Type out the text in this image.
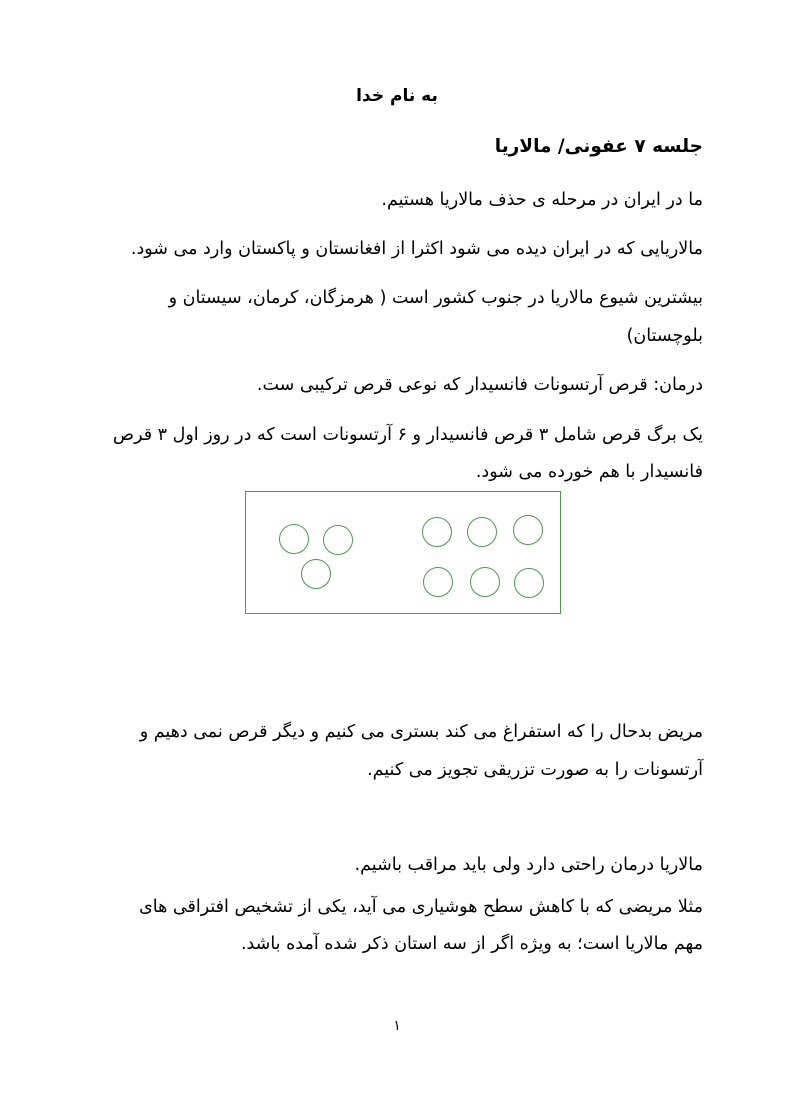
به نام خدا
جلسه ۷ عفونی/ مالاریا
ما در ایران در مرحله ی حذف مالاریا هستیم.
مالاریایی که در ایران دیده می شود اکثرا از افغانستان و پاکستان وارد می شود.
بیشترین شیوع مالاریا در جنوب کشور است ( هرمزگان، کرمان، سیستان و
بلوچستان)
درمان: قرص آرتسونات فانسیدار که نوعی قرص ترکیبی ست.
یک برگ قرص شامل ۳ قرص فانسیدار و ۶ آرتسونات است که در روز اول ۳ قرص
فانسیدار با هم خورده می شود.
مریض بدحال را که استفراغ می کند بستری می کنیم و دیگر قرص نمی دهیم و
آرتسونات را به صورت تزریقی تجویز می کنیم.
مالاریا درمان راحتی دارد ولی باید مراقب باشیم.
مثلا مریضی که با کاهش سطح هوشیاری می آید، یکی از تشخیص افتراقی های
مهم مالاریا است؛ به ویژه اگر از سه استان ذکر شده آمده باشد.
۱
